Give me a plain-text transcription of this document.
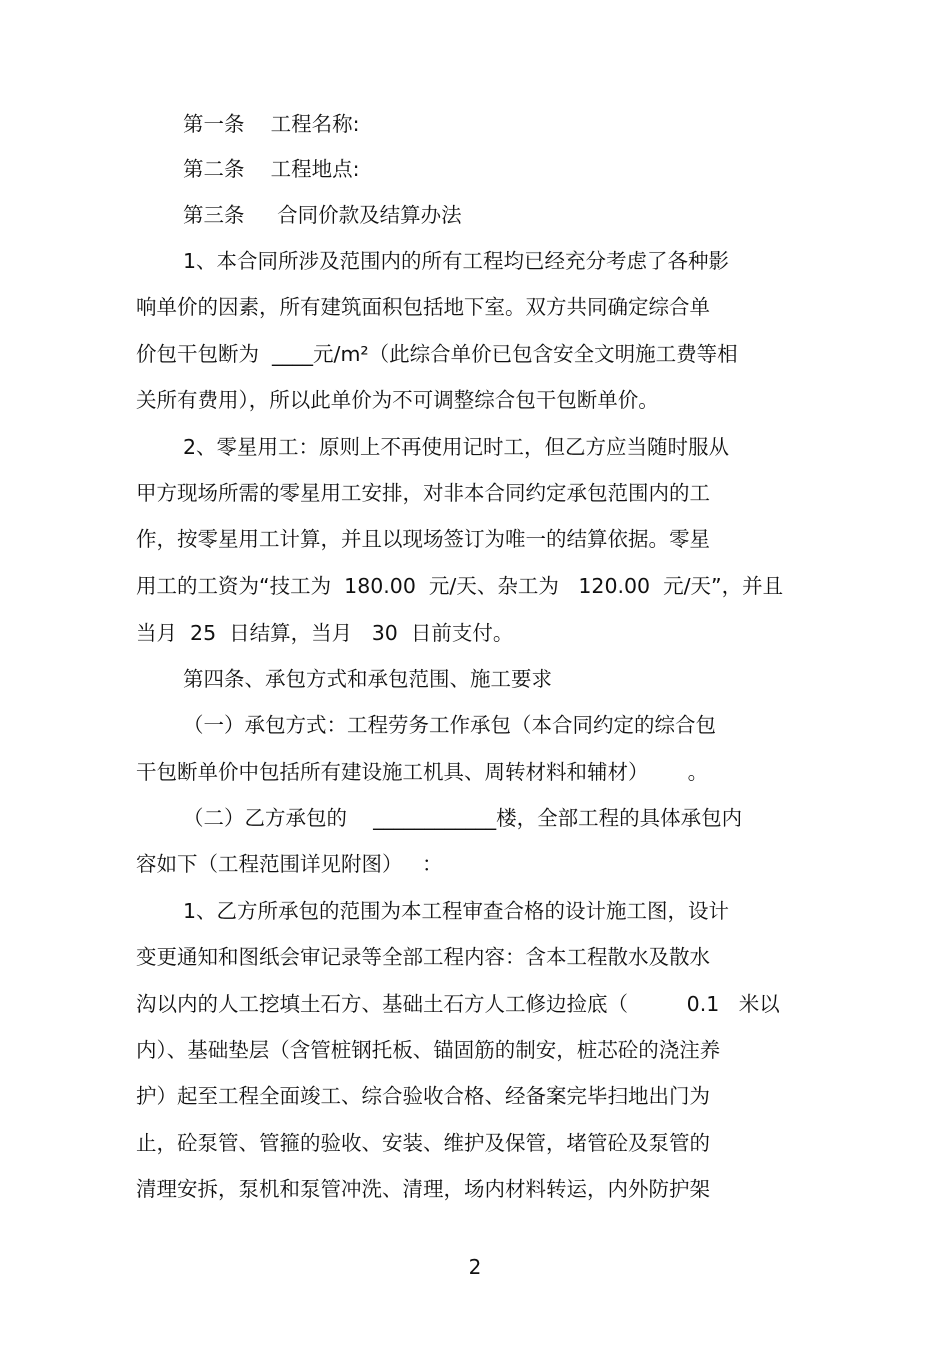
第一条    工程名称:
第二条    工程地点:
第三条     合同价款及结算办法
1、本合同所涉及范围内的所有工程均已经充分考虑了各种影
响单价的因素，所有建筑面积包括地下室。双方共同确定综合单
价包干包断为  ____元/m²（此综合单价已包含安全文明施工费等相
关所有费用），所以此单价为不可调整综合包干包断单价。
2、零星用工：原则上不再使用记时工，但乙方应当随时服从
甲方现场所需的零星用工安排，对非本合同约定承包范围内的工
作，按零星用工计算，并且以现场签订为唯一的结算依据。零星
用工的工资为“技工为  180.00  元/天、杂工为   120.00  元/天”，并且
当月  25  日结算，当月   30  日前支付。
第四条、承包方式和承包范围、施工要求
（一）承包方式：工程劳务工作承包（本合同约定的综合包
干包断单价中包括所有建设施工机具、周转材料和辅材）      。
（二）乙方承包的    ____________楼，全部工程的具体承包内
容如下（工程范围详见附图）   ：
1、乙方所承包的范围为本工程审查合格的设计施工图，设计
变更通知和图纸会审记录等全部工程内容：含本工程散水及散水
沟以内的人工挖填土石方、基础土石方人工修边捡底（         0.1   米以
内）、基础垫层（含管桩钢托板、锚固筋的制安，桩芯砼的浇注养
护）起至工程全面竣工、综合验收合格、经备案完毕扫地出门为
止，砼泵管、管箍的验收、安装、维护及保管，堵管砼及泵管的
清理安拆，泵机和泵管冲洗、清理，场内材料转运，内外防护架
2
